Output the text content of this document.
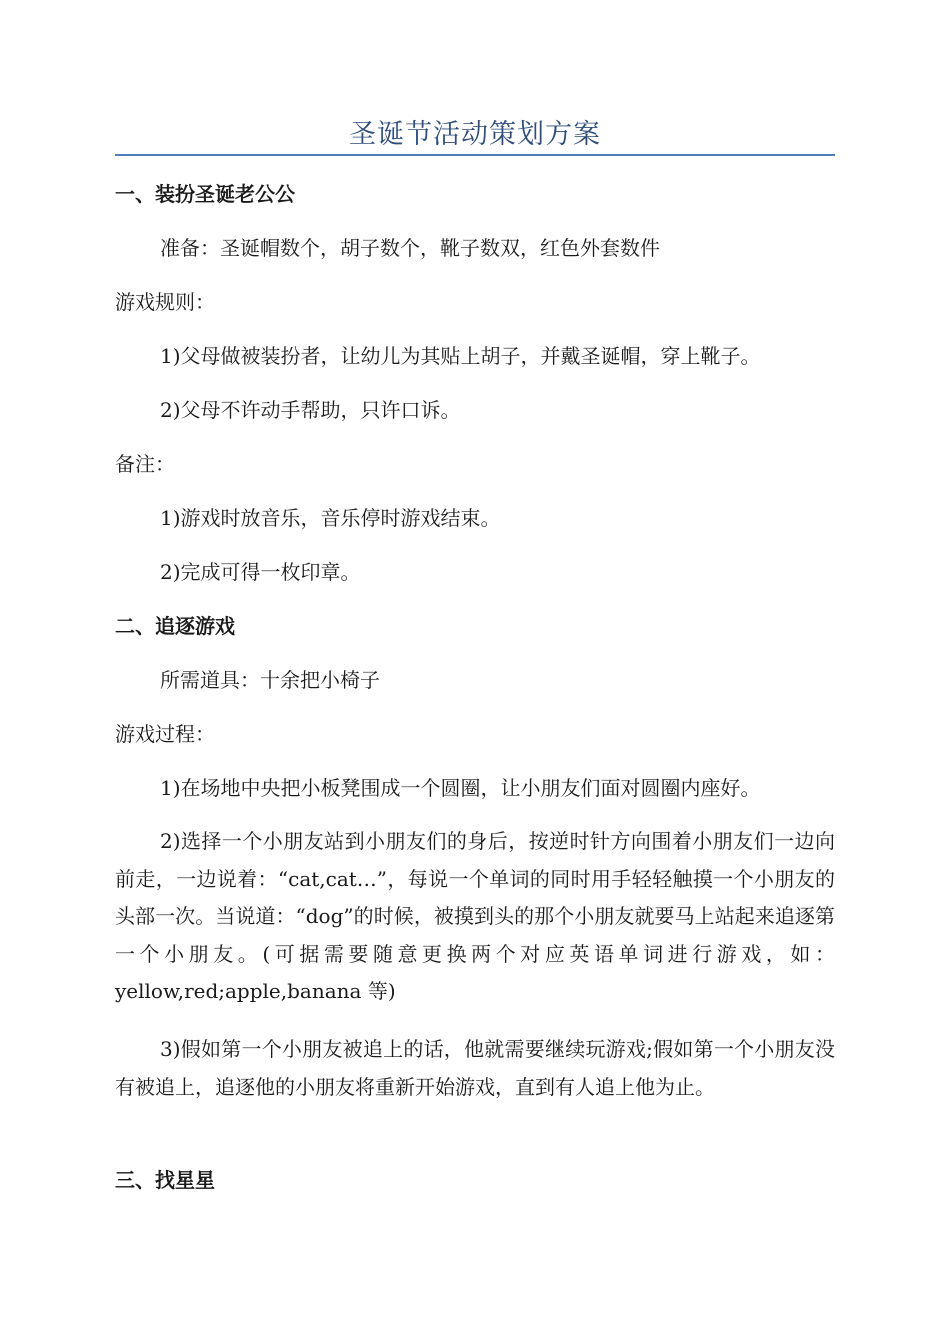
圣诞节活动策划方案
一、装扮圣诞老公公
准备：圣诞帽数个，胡子数个，靴子数双，红色外套数件
游戏规则：
1)父母做被装扮者，让幼儿为其贴上胡子，并戴圣诞帽，穿上靴子。
2)父母不许动手帮助，只许口诉。
备注：
1)游戏时放音乐，音乐停时游戏结束。
2)完成可得一枚印章。
二、追逐游戏
所需道具：十余把小椅子
游戏过程：
1)在场地中央把小板凳围成一个圆圈，让小朋友们面对圆圈内座好。
2)选择一个小朋友站到小朋友们的身后，按逆时针方向围着小朋友们一边向前走，一边说着：“cat,cat…”，每说一个单词的同时用手轻轻触摸一个小朋友的头部一次。当说道：“dog”的时候，被摸到头的那个小朋友就要马上站起来追逐第一个小朋友。(可据需要随意更换两个对应英语单词进行游戏，如：yellow,red;apple,banana 等)
3)假如第一个小朋友被追上的话，他就需要继续玩游戏;假如第一个小朋友没有被追上，追逐他的小朋友将重新开始游戏，直到有人追上他为止。
三、找星星
